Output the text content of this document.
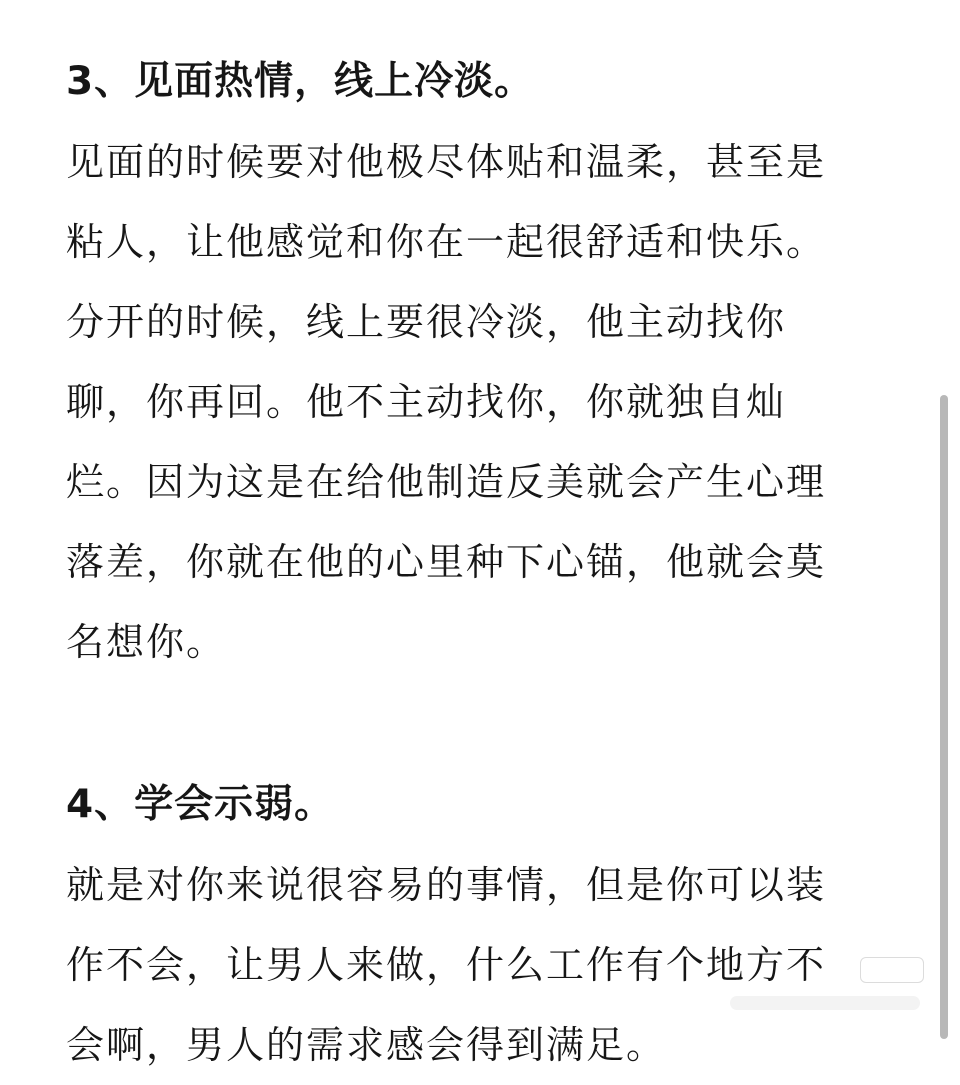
3、见面热情，线上冷淡。

见面的时候要对他极尽体贴和温柔，甚至是
粘人，让他感觉和你在一起很舒适和快乐。
分开的时候，线上要很冷淡，他主动找你
聊，你再回。他不主动找你，你就独自灿
烂。因为这是在给他制造反美就会产生心理
落差，你就在他的心里种下心锚，他就会莫
名想你。

4、学会示弱。

就是对你来说很容易的事情，但是你可以装
作不会，让男人来做，什么工作有个地方不
会啊，男人的需求感会得到满足。
